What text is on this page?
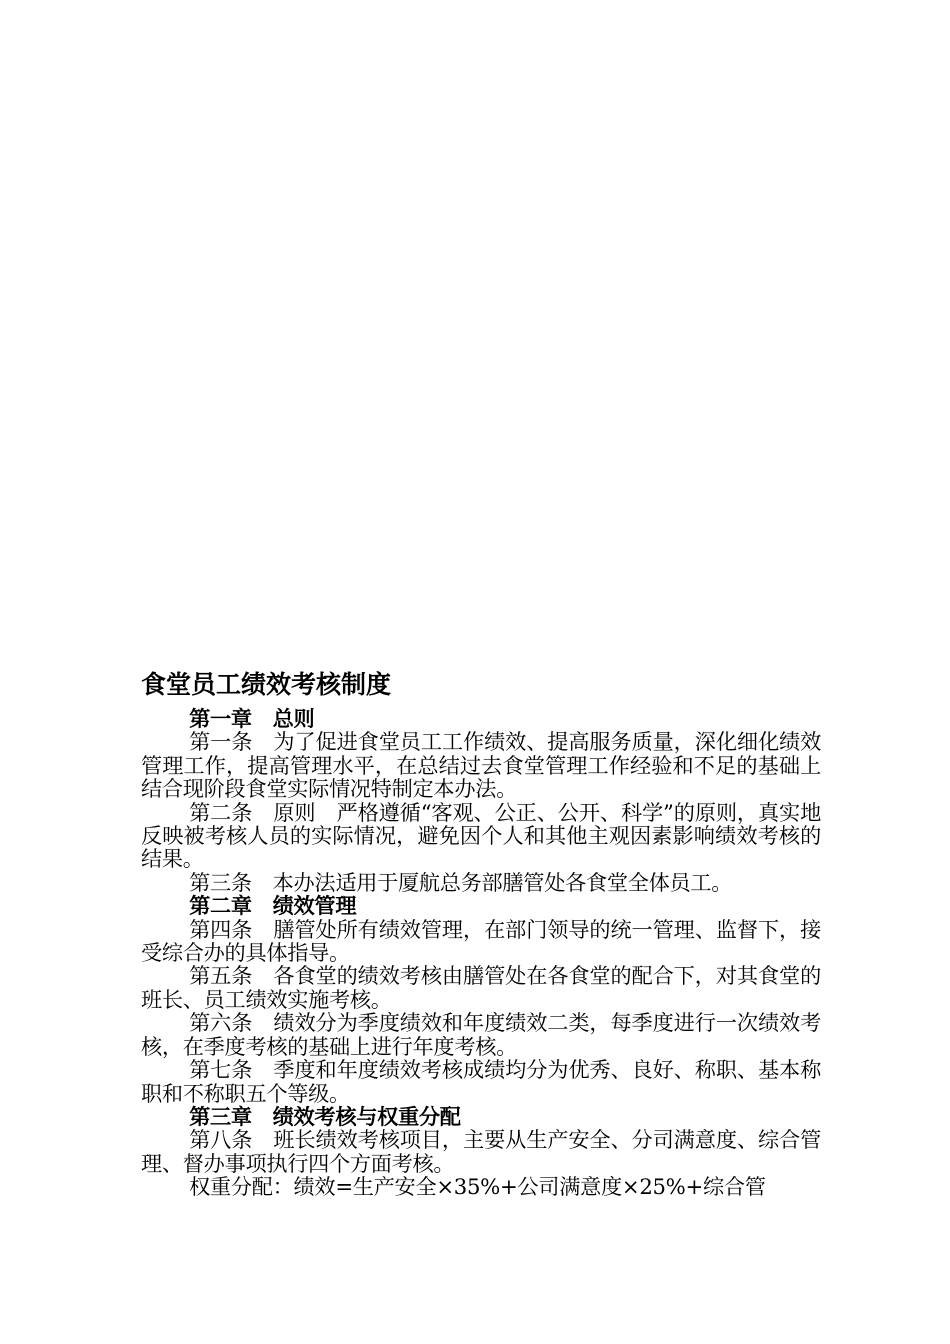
食堂员工绩效考核制度

第一章　总则

第一条　为了促进食堂员工工作绩效、提高服务质量，深化细化绩效管理工作，提高管理水平，在总结过去食堂管理工作经验和不足的基础上结合现阶段食堂实际情况特制定本办法。

第二条　原则　严格遵循“客观、公正、公开、科学”的原则，真实地反映被考核人员的实际情况，避免因个人和其他主观因素影响绩效考核的结果。

第三条　本办法适用于厦航总务部膳管处各食堂全体员工。

第二章　绩效管理

第四条　膳管处所有绩效管理，在部门领导的统一管理、监督下，接受综合办的具体指导。

第五条　各食堂的绩效考核由膳管处在各食堂的配合下，对其食堂的班长、员工绩效实施考核。

第六条　绩效分为季度绩效和年度绩效二类，每季度进行一次绩效考核，在季度考核的基础上进行年度考核。

第七条　季度和年度绩效考核成绩均分为优秀、良好、称职、基本称职和不称职五个等级。

第三章　绩效考核与权重分配

第八条　班长绩效考核项目，主要从生产安全、分司满意度、综合管理、督办事项执行四个方面考核。

权重分配：绩效=生产安全×35%+公司满意度×25%+综合管
